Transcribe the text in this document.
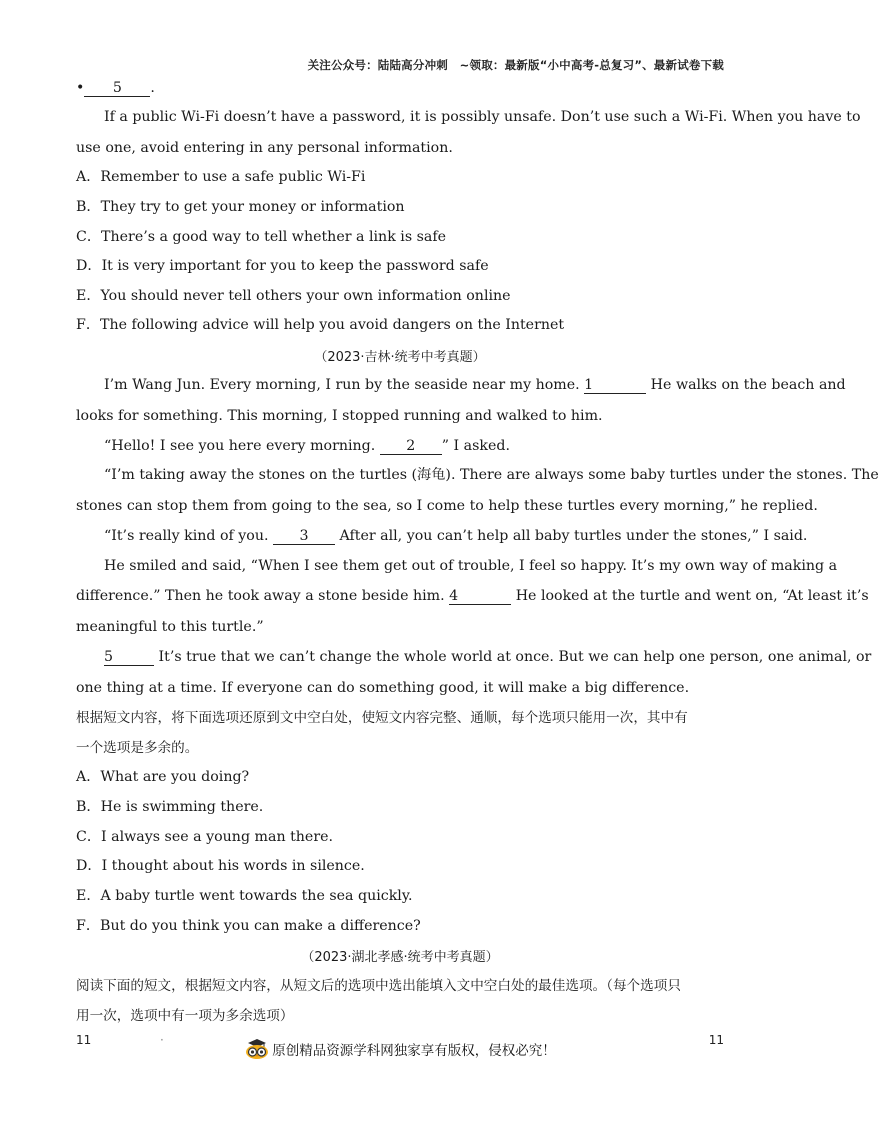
关注公众号：陆陆高分冲刺　~领取：最新版“小中高考-总复习”、最新试卷下载
• 5 .
If a public Wi-Fi doesn’t have a password, it is possibly unsafe. Don’t use such a Wi-Fi. When you have to
use one, avoid entering in any personal information.
A．Remember to use a safe public Wi-Fi
B．They try to get your money or information
C．There’s a good way to tell whether a link is safe
D．It is very important for you to keep the password safe
E．You should never tell others your own information online
F．The following advice will help you avoid dangers on the Internet
（2023·吉林·统考中考真题）
I’m Wang Jun. Every morning, I run by the seaside near my home. 1	He walks on the beach and
looks for something. This morning, I stopped running and walked to him.
“Hello! I see you here every morning. 2 ” I asked.
“I’m taking away the stones on the turtles (海龟). There are always some baby turtles under the stones. The
stones can stop them from going to the sea, so I come to help these turtles every morning,” he replied.
“It’s really kind of you. 3 After all, you can’t help all baby turtles under the stones,” I said.
He smiled and said, “When I see them get out of trouble, I feel so happy. It’s my own way of making a
difference.” Then he took away a stone beside him. 4	He looked at the turtle and went on, “At least it’s
meaningful to this turtle.”
5	It’s true that we can’t change the whole world at once. But we can help one person, one animal, or
one thing at a time. If everyone can do something good, it will make a big difference.
根据短文内容，将下面选项还原到文中空白处，使短文内容完整、通顺，每个选项只能用一次，其中有
一个选项是多余的。
A．What are you doing?
B．He is swimming there.
C．I always see a young man there.
D．I thought about his words in silence.
E．A baby turtle went towards the sea quickly.
F．But do you think you can make a difference?
（2023·湖北孝感·统考中考真题）
阅读下面的短文，根据短文内容，从短文后的选项中选出能填入文中空白处的最佳选项。（每个选项只
用一次，选项中有一项为多余选项）
11	·	11
原创精品资源学科网独家享有版权，侵权必究！
